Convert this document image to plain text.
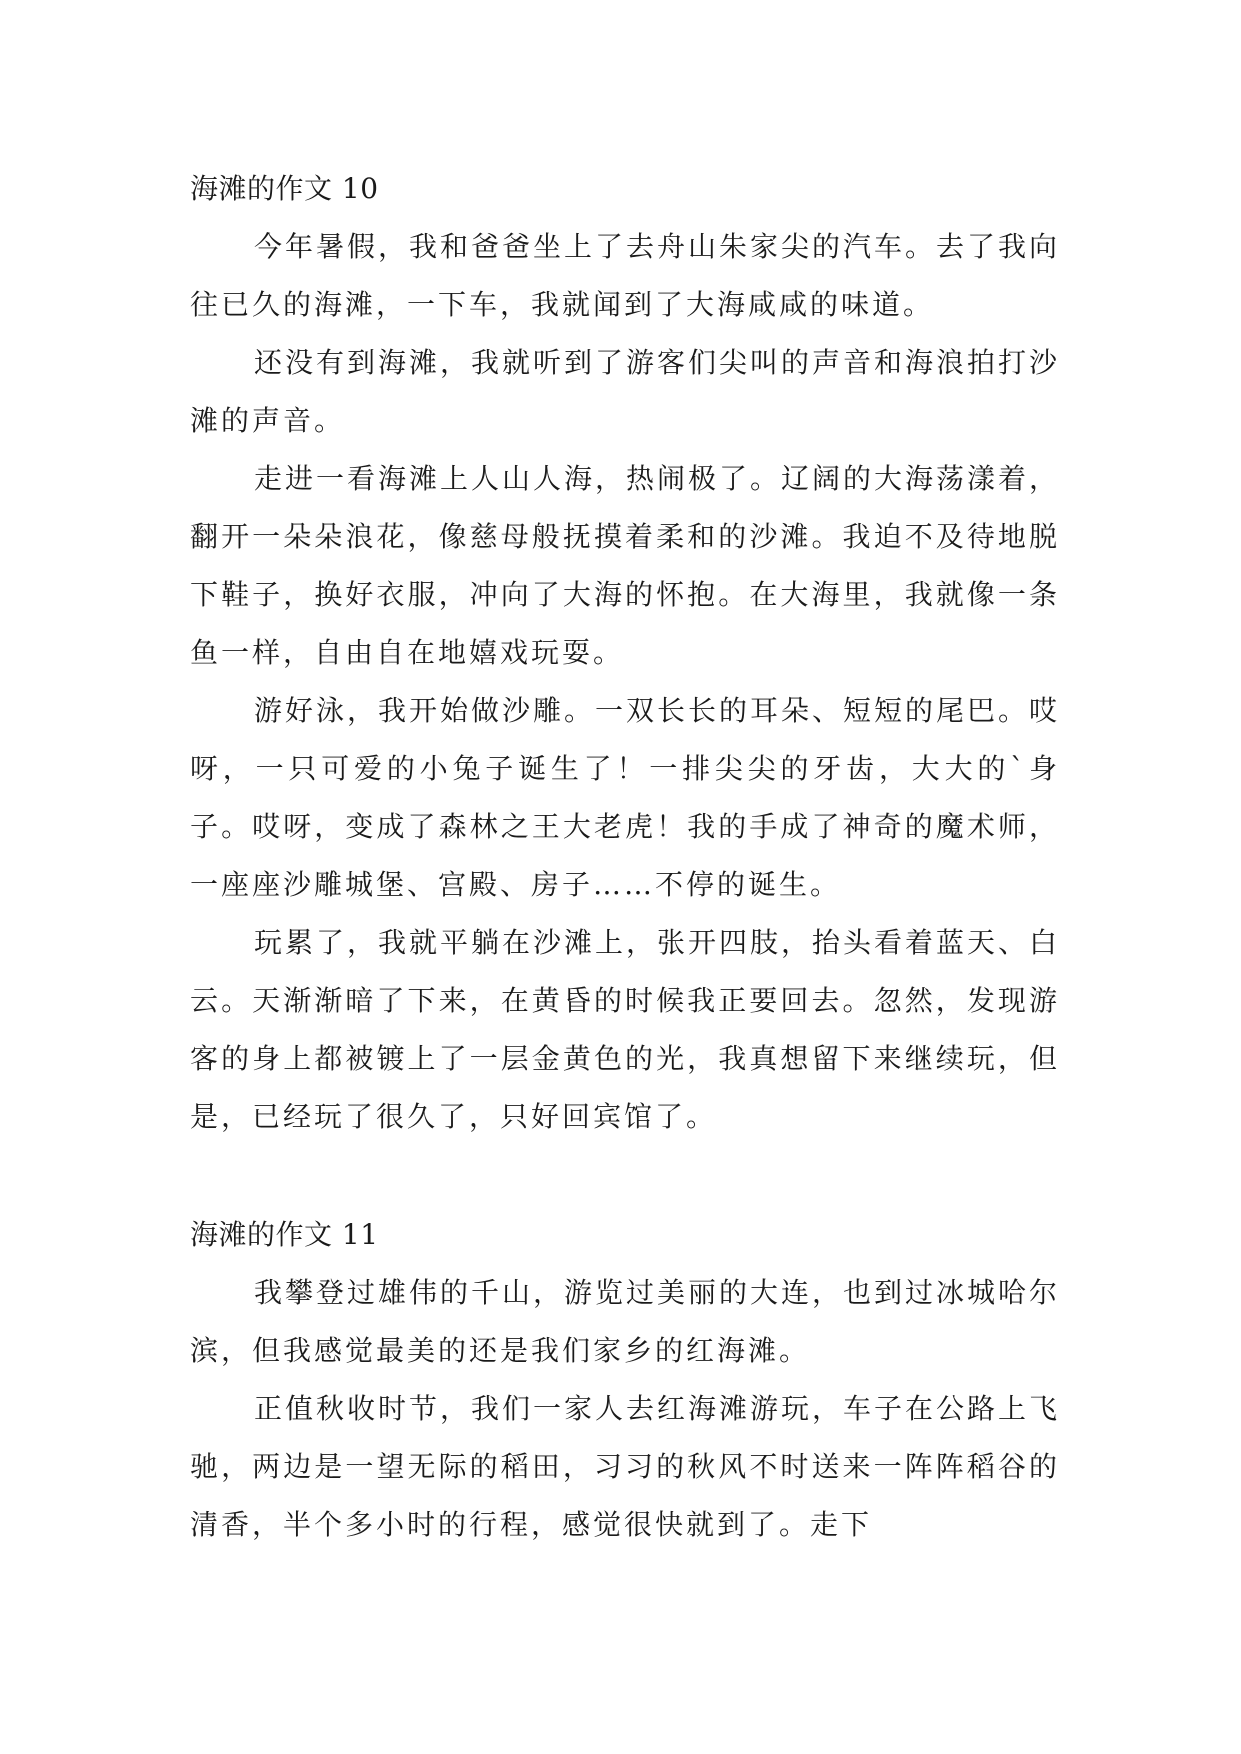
海滩的作文 10

今年暑假，我和爸爸坐上了去舟山朱家尖的汽车。去了我向往已久的海滩，一下车，我就闻到了大海咸咸的味道。

还没有到海滩，我就听到了游客们尖叫的声音和海浪拍打沙滩的声音。

走进一看海滩上人山人海，热闹极了。辽阔的大海荡漾着，翻开一朵朵浪花，像慈母般抚摸着柔和的沙滩。我迫不及待地脱下鞋子，换好衣服，冲向了大海的怀抱。在大海里，我就像一条鱼一样，自由自在地嬉戏玩耍。

游好泳，我开始做沙雕。一双长长的耳朵、短短的尾巴。哎呀，一只可爱的小兔子诞生了！一排尖尖的牙齿，大大的`身子。哎呀，变成了森林之王大老虎！我的手成了神奇的魔术师，一座座沙雕城堡、宫殿、房子……不停的诞生。

玩累了，我就平躺在沙滩上，张开四肢，抬头看着蓝天、白云。天渐渐暗了下来，在黄昏的时候我正要回去。忽然，发现游客的身上都被镀上了一层金黄色的光，我真想留下来继续玩，但是，已经玩了很久了，只好回宾馆了。

海滩的作文 11

我攀登过雄伟的千山，游览过美丽的大连，也到过冰城哈尔滨，但我感觉最美的还是我们家乡的红海滩。

正值秋收时节，我们一家人去红海滩游玩，车子在公路上飞驰，两边是一望无际的稻田，习习的秋风不时送来一阵阵稻谷的清香，半个多小时的行程，感觉很快就到了。走下
